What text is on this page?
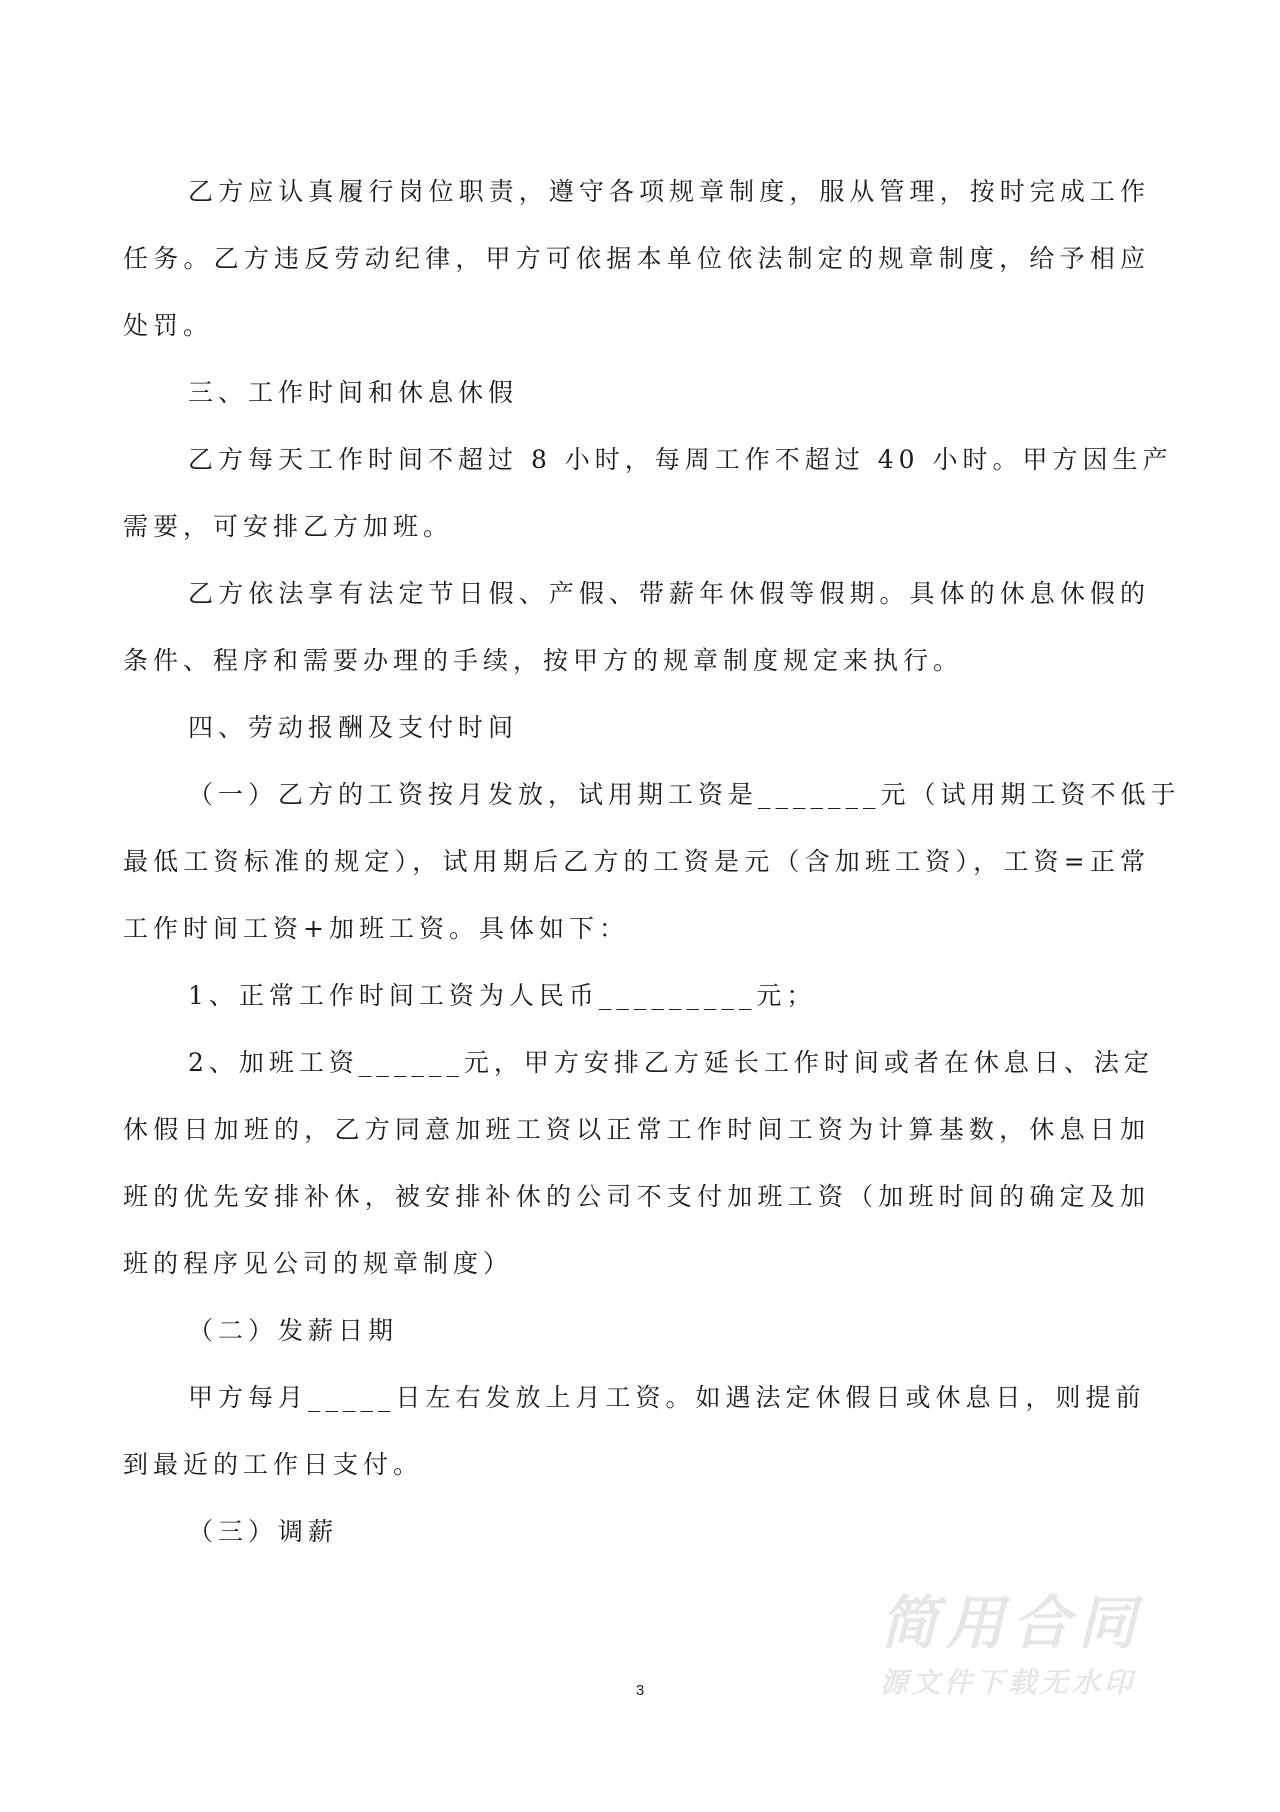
乙方应认真履行岗位职责，遵守各项规章制度，服从管理，按时完成工作
任务。乙方违反劳动纪律，甲方可依据本单位依法制定的规章制度，给予相应
处罚。
三、工作时间和休息休假
乙方每天工作时间不超过 8 小时，每周工作不超过 40 小时。甲方因生产
需要，可安排乙方加班。
乙方依法享有法定节日假、产假、带薪年休假等假期。具体的休息休假的
条件、程序和需要办理的手续，按甲方的规章制度规定来执行。
四、劳动报酬及支付时间
（一）乙方的工资按月发放，试用期工资是_______元（试用期工资不低于
最低工资标准的规定），试用期后乙方的工资是元（含加班工资），工资=正常
工作时间工资+加班工资。具体如下：
1、正常工作时间工资为人民币_________元；
2、加班工资______元，甲方安排乙方延长工作时间或者在休息日、法定
休假日加班的，乙方同意加班工资以正常工作时间工资为计算基数，休息日加
班的优先安排补休，被安排补休的公司不支付加班工资（加班时间的确定及加
班的程序见公司的规章制度）
（二）发薪日期
甲方每月_____日左右发放上月工资。如遇法定休假日或休息日，则提前
到最近的工作日支付。
（三）调薪
3
简用合同
源文件下载无水印
